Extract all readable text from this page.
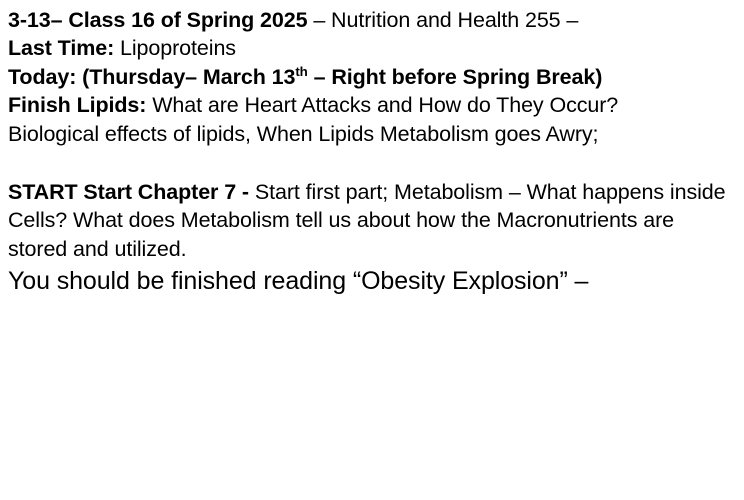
3-13– Class 16 of Spring 2025 – Nutrition and Health 255 –

Last Time: Lipoproteins

Today: (Thursday– March 13th – Right before Spring Break)

Finish Lipids: What are Heart Attacks and How do They Occur?

Biological effects of lipids, When Lipids Metabolism goes Awry;

START Start Chapter 7 - Start first part; Metabolism – What happens inside Cells? What does Metabolism tell us about how the Macronutrients are stored and utilized.

You should be finished reading “Obesity Explosion” –
